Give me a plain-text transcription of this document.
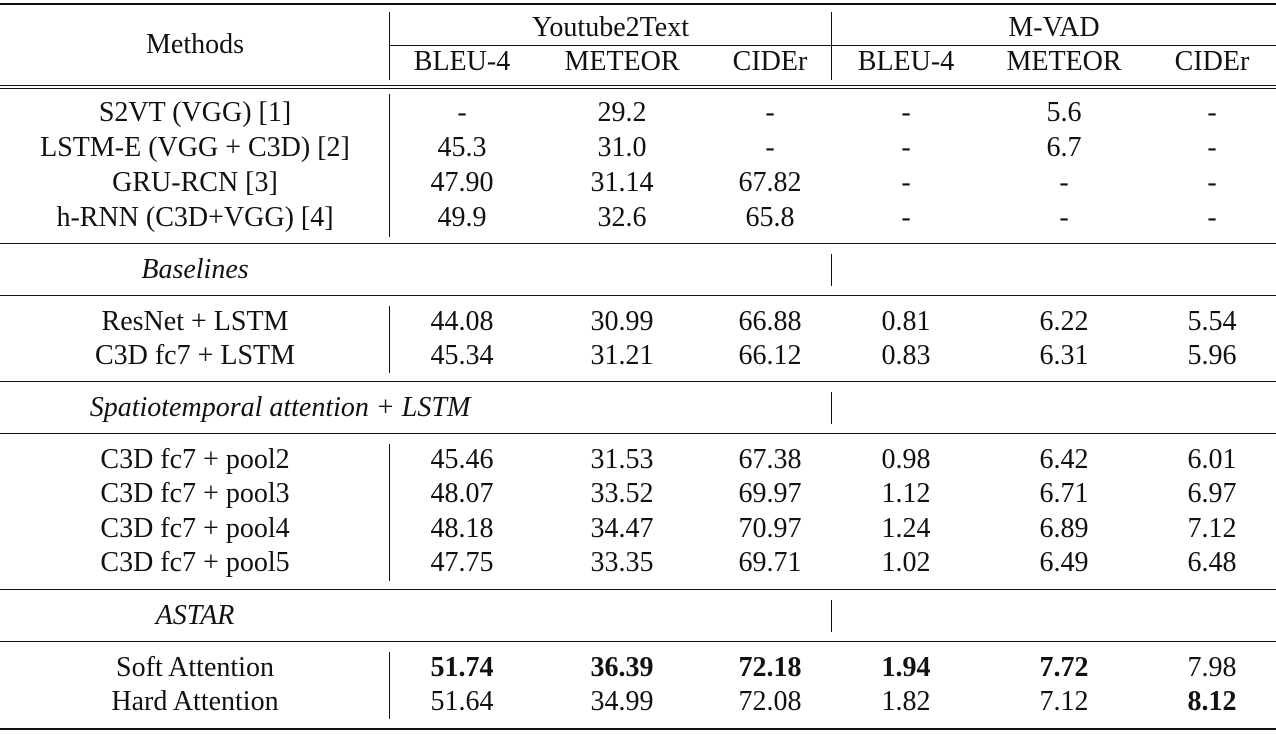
Methods
Youtube2Text	M-VAD
BLEU-4	METEOR	CIDEr	BLEU-4	METEOR	CIDEr
S2VT (VGG) [1]	-	29.2	-	-	5.6	-
LSTM-E (VGG + C3D) [2]	45.3	31.0	-	-	6.7	-
GRU-RCN [3]	47.90	31.14	67.82	-	-	-
h-RNN (C3D+VGG) [4]	49.9	32.6	65.8	-	-	-
Baselines
ResNet + LSTM	44.08	30.99	66.88	0.81	6.22	5.54
C3D fc7 + LSTM	45.34	31.21	66.12	0.83	6.31	5.96
Spatiotemporal attention + LSTM
C3D fc7 + pool2	45.46	31.53	67.38	0.98	6.42	6.01
C3D fc7 + pool3	48.07	33.52	69.97	1.12	6.71	6.97
C3D fc7 + pool4	48.18	34.47	70.97	1.24	6.89	7.12
C3D fc7 + pool5	47.75	33.35	69.71	1.02	6.49	6.48
ASTAR
Soft Attention	51.74	36.39	72.18	1.94	7.72	7.98
Hard Attention	51.64	34.99	72.08	1.82	7.12	8.12
